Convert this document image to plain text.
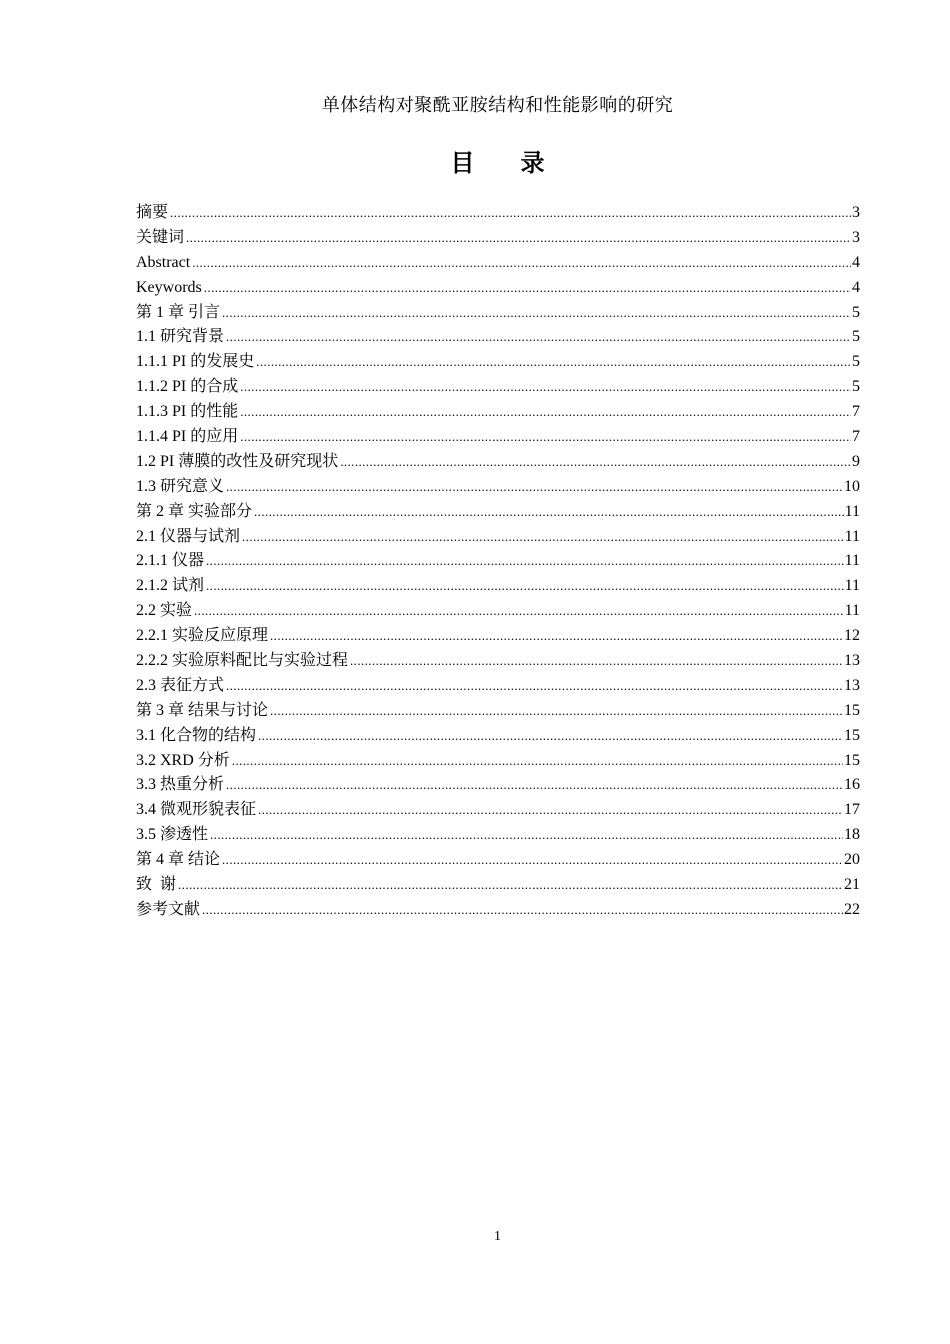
单体结构对聚酰亚胺结构和性能影响的研究
目录
摘要 .....	3
关键词 .....	3
Abstract .....	4
Keywords .....	4
第 1 章 引言 .....	5
1.1 研究背景 .....	5
1.1.1 PI 的发展史 .....	5
1.1.2 PI 的合成 .....	5
1.1.3 PI 的性能 .....	7
1.1.4 PI 的应用 .....	7
1.2 PI 薄膜的改性及研究现状 .....	9
1.3 研究意义 .....	10
第 2 章 实验部分 .....	11
2.1 仪器与试剂 .....	11
2.1.1 仪器 .....	11
2.1.2 试剂 .....	11
2.2 实验 .....	11
2.2.1 实验反应原理 .....	12
2.2.2 实验原料配比与实验过程 .....	13
2.3 表征方式 .....	13
第 3 章 结果与讨论 .....	15
3.1 化合物的结构 .....	15
3.2 XRD 分析 .....	15
3.3 热重分析 .....	16
3.4 微观形貌表征 .....	17
3.5 渗透性 .....	18
第 4 章 结论 .....	20
致  谢 .....	21
参考文献 .....	22
1
